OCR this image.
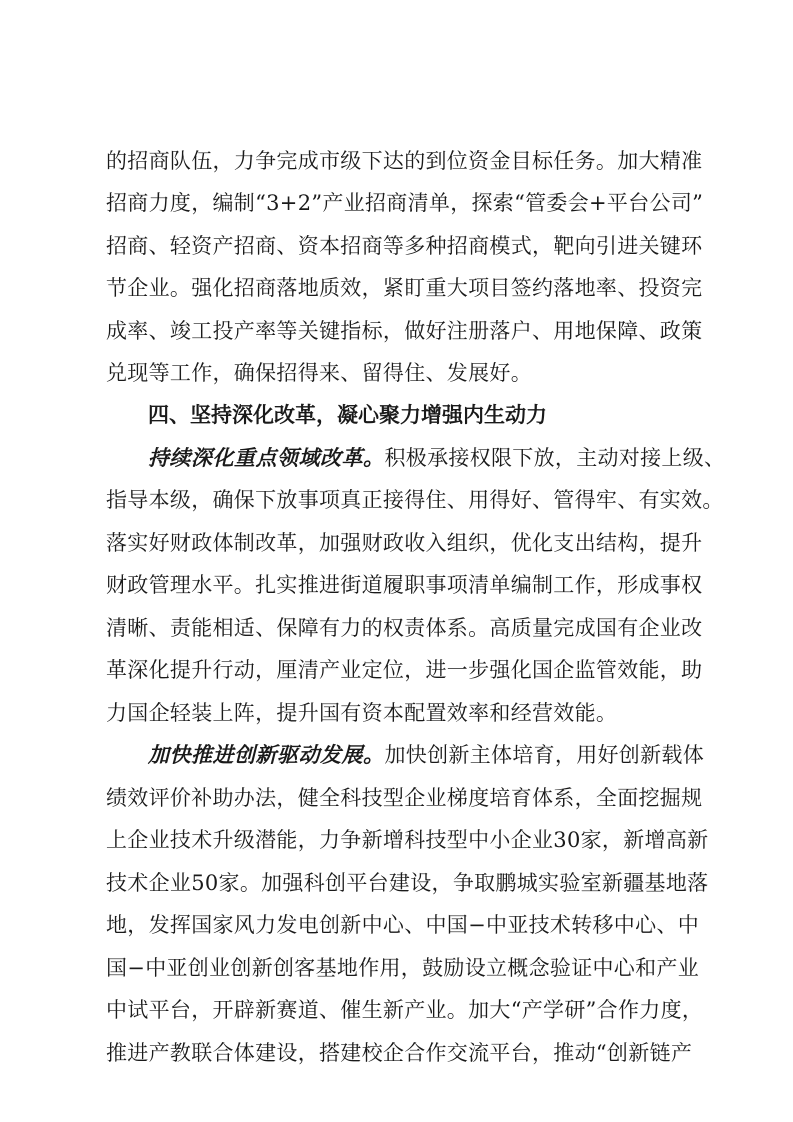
的招商队伍，力争完成市级下达的到位资金目标任务。加大精准
招商力度，编制“3+2”产业招商清单，探索“管委会+平台公司”
招商、轻资产招商、资本招商等多种招商模式，靶向引进关键环
节企业。强化招商落地质效，紧盯重大项目签约落地率、投资完
成率、竣工投产率等关键指标，做好注册落户、用地保障、政策
兑现等工作，确保招得来、留得住、发展好。
四、坚持深化改革，凝心聚力增强内生动力
持续深化重点领域改革。积极承接权限下放，主动对接上级、
指导本级，确保下放事项真正接得住、用得好、管得牢、有实效。
落实好财政体制改革，加强财政收入组织，优化支出结构，提升
财政管理水平。扎实推进街道履职事项清单编制工作，形成事权
清晰、责能相适、保障有力的权责体系。高质量完成国有企业改
革深化提升行动，厘清产业定位，进一步强化国企监管效能，助
力国企轻装上阵，提升国有资本配置效率和经营效能。
加快推进创新驱动发展。加快创新主体培育，用好创新载体
绩效评价补助办法，健全科技型企业梯度培育体系，全面挖掘规
上企业技术升级潜能，力争新增科技型中小企业30家，新增高新
技术企业50家。加强科创平台建设，争取鹏城实验室新疆基地落
地，发挥国家风力发电创新中心、中国−中亚技术转移中心、中
国−中亚创业创新创客基地作用，鼓励设立概念验证中心和产业
中试平台，开辟新赛道、催生新产业。加大“产学研”合作力度，
推进产教联合体建设，搭建校企合作交流平台，推动“创新链产
